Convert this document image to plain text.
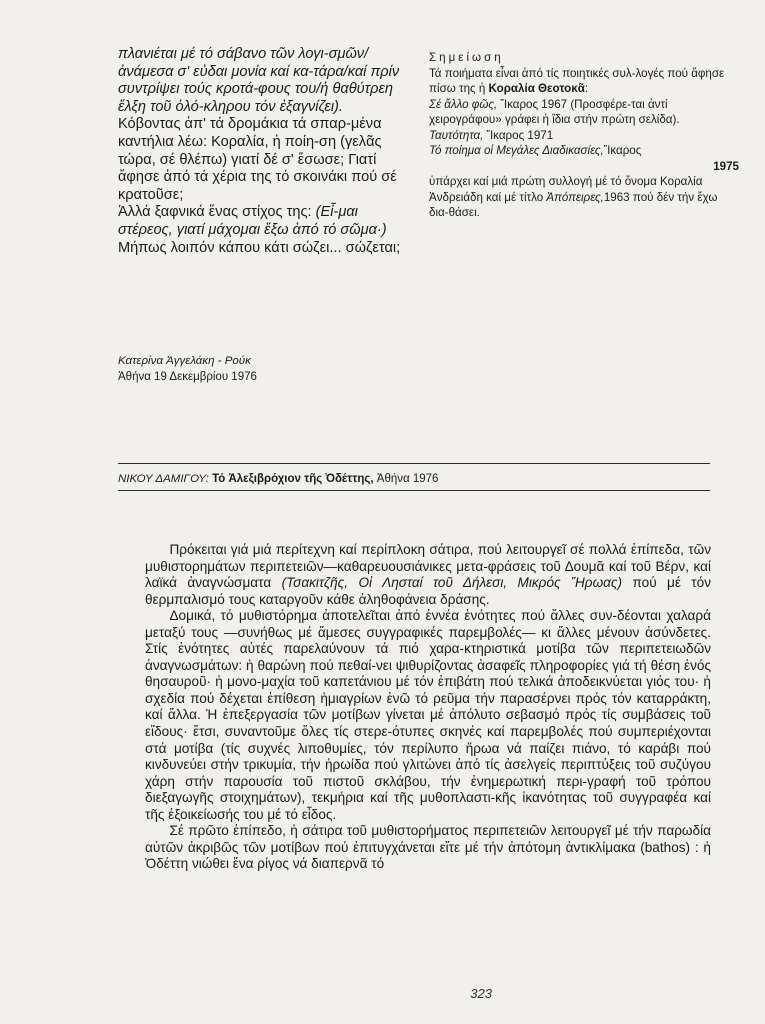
πλανιέται μέ τό σάβανο τῶν λογι-σμῶν/ἀνάμεσα σ' εὐδαι μονία καί κα-τάρα/καί πρίν συντρίψει τούς κροτά-φους του/ἡ θαθύτρεη ἔλξη τοῦ ὁλό-κληρου τόν ἐξαγνίζει).

Κόβοντας ἀπ' τά δρομάκια τά σπαρ-μένα καντήλια λέω: Κοραλία, ἡ ποίη-ση (γελᾶς τώρα, σέ θλέπω) γιατί δέ σ' ἔσωσε; Γιατί ἄφησε ἀπό τά χέρια της τό σκοινάκι πού σέ κρατοῦσε;

Ἀλλά ξαφνικά ἕνας στίχος της: (Εἶ-μαι στέρεος, γιατί μάχομαι ἔξω ἀπό τό σῶμα·)

Μήπως λοιπόν κάπου κάτι σώζει... σώζεται;

Σημείωση

Τά ποιήματα εἶναι ἀπό τίς ποιητικές συλ-λογές πού ἄφησε πίσω της ἡ Κοραλία Θεοτοκᾶ:

Σέ ἄλλο φῶς, Ἴκαρος 1967 (Προσφέρε-ται ἀντί χειρογράφου» γράφει ἡ ἴδια στήν πρώτη σελίδα).

Ταυτότητα, Ἴκαρος 1971

Τό ποίημα οἱ Μεγάλες Διαδικασίες,Ἴκαρος

1975

ὑπάρχει καί μιά πρώτη συλλογή μέ τό ὄνομα Κοραλία Ἀνδρειάδη καί μέ τίτλο Ἀπόπειρες,1963 πού δέν τήν ἔχω δια-θάσει.

Κατερίνα Ἀγγελάκη - Ρούκ

Ἀθήνα 19 Δεκεμβρίου 1976

ΝΙΚΟΥ ΔΑΜΙΓΟΥ: Τό Ἀλεξιβρόχιον τῆς Ὀδέττης, Ἀθήνα 1976

Πρόκειται γιά μιά περίτεχνη καί περίπλοκη σάτιρα, πού λειτουργεῖ σέ πολλά ἐπίπεδα, τῶν μυθιστορημάτων περιπετειῶν—καθαρευουσιάνικες μετα-φράσεις τοῦ Δουμᾶ καί τοῦ Βέρν, καί λαϊκά ἀναγνώσματα (Τσακιτζῆς, Οἱ Λησταί τοῦ Δήλεσι, Μικρός Ἥρωας) πού μέ τόν θερμπαλισμό τους καταργοῦν κάθε ἀληθοφάνεια δράσης.

Δομικά, τό μυθιστόρημα ἀποτελεῖται ἀπό ἐννέα ἑνότητες πού ἄλλες συν-δέονται χαλαρά μεταξύ τους —συνήθως μέ ἄμεσες συγγραφικές παρεμβολές— κι ἄλλες μένουν ἀσύνδετες. Στίς ἑνότητες αὐτές παρελαύνουν τά πιό χαρα-κτηριστικά μοτίβα τῶν περιπετειωδῶν ἀναγνωσμάτων: ἡ θαρώνη πού πεθαί-νει ψιθυρίζοντας ἀσαφεῖς πληροφορίες γιά τή θέση ἑνός θησαυροῦ· ἡ μονο-μαχία τοῦ καπετάνιου μέ τόν ἐπιβάτη πού τελικά ἀποδεικνύεται γιός του· ἡ σχεδία πού δέχεται ἐπίθεση ἡμιαγρίων ἐνῶ τό ρεῦμα τήν παρασέρνει πρός τόν καταρράκτη, καί ἄλλα. Ἡ ἐπεξεργασία τῶν μοτίβων γίνεται μέ ἀπόλυτο σεβασμό πρός τίς συμβάσεις τοῦ εἴδους· ἔτσι, συναντοῦμε ὅλες τίς στερε-ότυπες σκηνές καί παρεμβολές πού συμπεριέχονται στά μοτίβα (τίς συχνές λιποθυμίες, τόν περίλυπο ἥρωα νά παίζει πιάνο, τό καράβι πού κινδυνεύει στήν τρικυμία, τήν ἡρωίδα πού γλιτώνει ἀπό τίς ἀσελγείς περιπτύξεις τοῦ συζύγου χάρη στήν παρουσία τοῦ πιστοῦ σκλάβου, τήν ἐνημερωτική περι-γραφή τοῦ τρόπου διεξαγωγῆς στοιχημάτων), τεκμήρια καί τῆς μυθοπλαστι-κῆς ἱκανότητας τοῦ συγγραφέα καί τῆς ἐξοικείωσής του μέ τό εἶδος.

Σέ πρῶτο ἐπίπεδο, ἡ σάτιρα τοῦ μυθιστορήματος περιπετειῶν λειτουργεῖ μέ τήν παρωδία αὐτῶν ἀκριβῶς τῶν μοτίβων πού ἐπιτυγχάνεται εἴτε μέ τήν ἀπότομη ἀντικλίμακα (bathos) : ἡ Ὀδέττη νιώθει ἕνα ρίγος νά διαπερνᾶ τό

323
